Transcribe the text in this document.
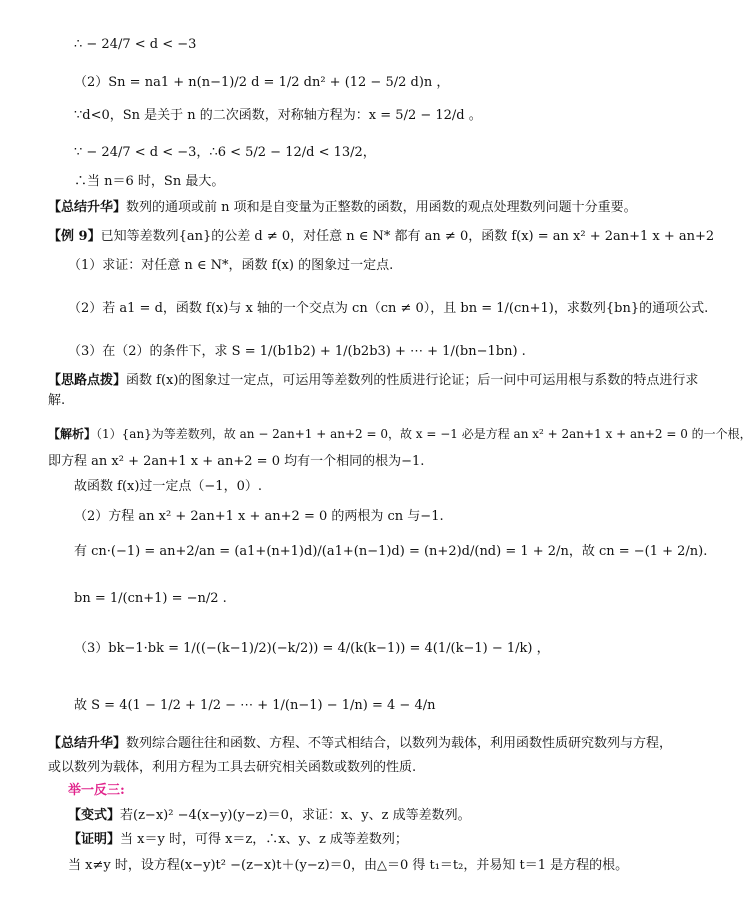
∴ − 24/7 < d < −3
（2）Sn = na1 + n(n−1)/2 d = 1/2 dn² + (12 − 5/2 d)n ，
∵d<0，Sn 是关于 n 的二次函数，对称轴方程为：x = 5/2 − 12/d 。
∵ − 24/7 < d < −3，∴6 < 5/2 − 12/d < 13/2，
∴当 n＝6 时，Sn 最大。
【总结升华】数列的通项或前 n 项和是自变量为正整数的函数，用函数的观点处理数列问题十分重要。
【例 9】已知等差数列{an}的公差 d ≠ 0，对任意 n ∈ N* 都有 an ≠ 0，函数 f(x) = an x² + 2an+1 x + an+2
（1）求证：对任意 n ∈ N*，函数 f(x) 的图象过一定点.
（2）若 a1 = d，函数 f(x)与 x 轴的一个交点为 cn（cn ≠ 0），且 bn = 1/(cn+1)，求数列{bn}的通项公式.
（3）在（2）的条件下，求 S = 1/(b1b2) + 1/(b2b3) + ⋯ + 1/(bn−1bn) .
【思路点拨】函数 f(x)的图象过一定点，可运用等差数列的性质进行论证；后一问中可运用根与系数的特点进行求
解.
【解析】（1）{an}为等差数列，故 an − 2an+1 + an+2 = 0，故 x = −1 必是方程 an x² + 2an+1 x + an+2 = 0 的一个根，
即方程 an x² + 2an+1 x + an+2 = 0 均有一个相同的根为−1.
故函数 f(x)过一定点（−1，0）.
（2）方程 an x² + 2an+1 x + an+2 = 0 的两根为 cn 与−1.
有 cn·(−1) = an+2/an = (a1+(n+1)d)/(a1+(n−1)d) = (n+2)d/(nd) = 1 + 2/n，故 cn = −(1 + 2/n).
bn = 1/(cn+1) = −n/2 .
（3）bk−1·bk = 1/((−(k−1)/2)(−k/2)) = 4/(k(k−1)) = 4(1/(k−1) − 1/k) ，
故 S = 4(1 − 1/2 + 1/2 − ⋯ + 1/(n−1) − 1/n) = 4 − 4/n
【总结升华】数列综合题往往和函数、方程、不等式相结合，以数列为载体，利用函数性质研究数列与方程，
或以数列为载体，利用方程为工具去研究相关函数或数列的性质.
举一反三:
【变式】若(z−x)² −4(x−y)(y−z)＝0，求证：x、y、z 成等差数列。
【证明】当 x＝y 时，可得 x＝z，∴x、y、z 成等差数列；
当 x≠y 时，设方程(x−y)t² −(z−x)t＋(y−z)＝0，由△＝0 得 t₁＝t₂，并易知 t＝1 是方程的根。
